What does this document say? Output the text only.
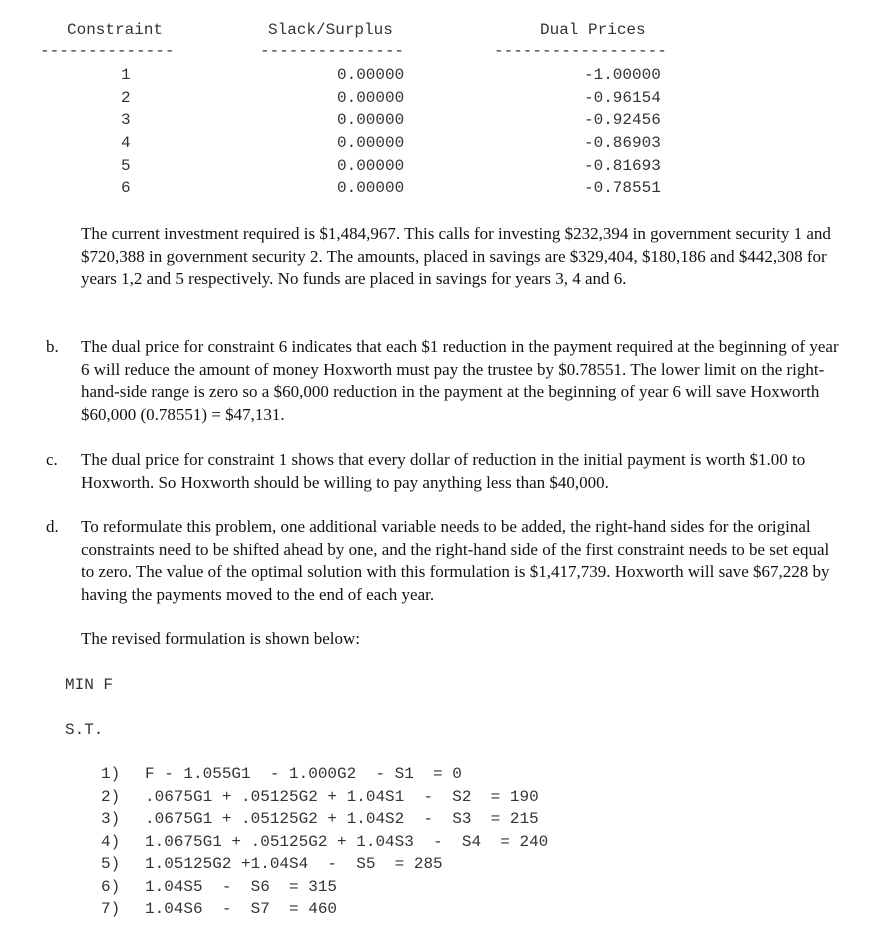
Constraint	Slack/Surplus	Dual Prices
--------------	---------------	------------------
1	0.00000	-1.00000
2	0.00000	-0.96154
3	0.00000	-0.92456
4	0.00000	-0.86903
5	0.00000	-0.81693
6	0.00000	-0.78551
The current investment required is $1,484,967. This calls for investing $232,394 in government security 1 and $720,388 in government security 2. The amounts, placed in savings are $329,404, $180,186 and $442,308 for years 1,2 and 5 respectively. No funds are placed in savings for years 3, 4 and 6.
b. The dual price for constraint 6 indicates that each $1 reduction in the payment required at the beginning of year 6 will reduce the amount of money Hoxworth must pay the trustee by $0.78551. The lower limit on the right-hand-side range is zero so a $60,000 reduction in the payment at the beginning of year 6 will save Hoxworth $60,000 (0.78551) = $47,131.
c. The dual price for constraint 1 shows that every dollar of reduction in the initial payment is worth $1.00 to Hoxworth. So Hoxworth should be willing to pay anything less than $40,000.
d. To reformulate this problem, one additional variable needs to be added, the right-hand sides for the original constraints need to be shifted ahead by one, and the right-hand side of the first constraint needs to be set equal to zero. The value of the optimal solution with this formulation is $1,417,739. Hoxworth will save $67,228 by having the payments moved to the end of each year.
The revised formulation is shown below:
MIN F
S.T.
1) F - 1.055G1  - 1.000G2  - S1  = 0
2) .0675G1 + .05125G2 + 1.04S1  -  S2  = 190
3) .0675G1 + .05125G2 + 1.04S2  -  S3  = 215
4) 1.0675G1 + .05125G2 + 1.04S3  -  S4  = 240
5) 1.05125G2 +1.04S4  -  S5  = 285
6) 1.04S5  -  S6  = 315
7) 1.04S6  -  S7  = 460
